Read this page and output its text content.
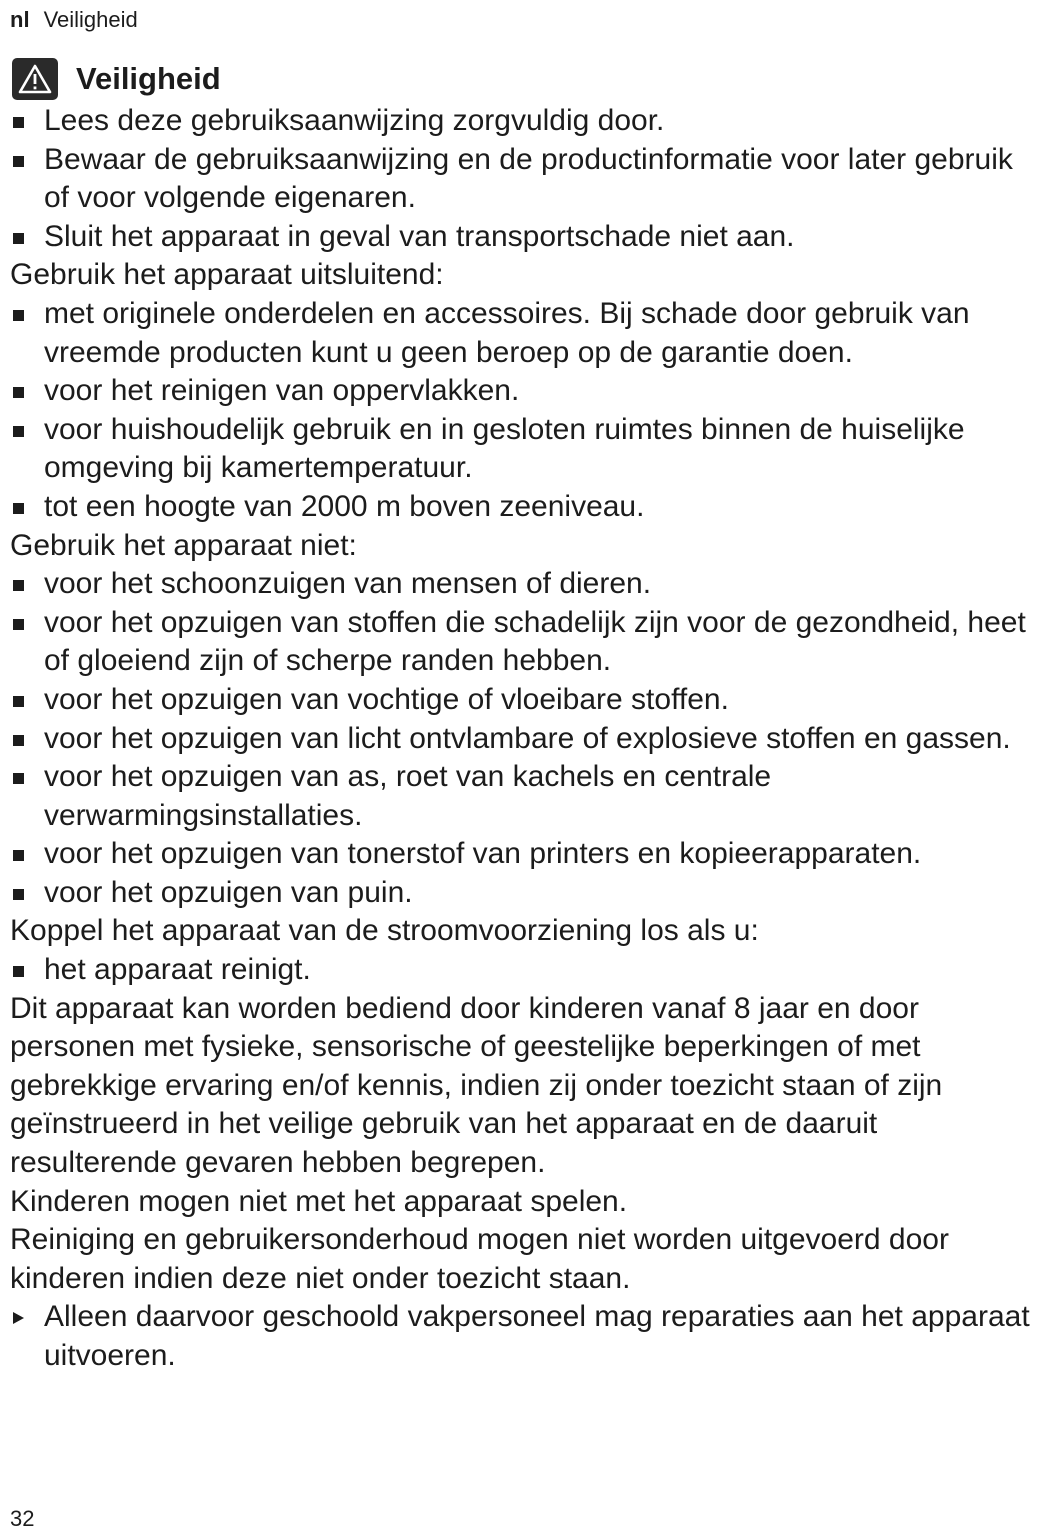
nl Veiligheid
Veiligheid
Lees deze gebruiksaanwijzing zorgvuldig door.
Bewaar de gebruiksaanwijzing en de productinformatie voor later gebruik of voor volgende eigenaren.
Sluit het apparaat in geval van transportschade niet aan.

Gebruik het apparaat uitsluitend:

met originele onderdelen en accessoires. Bij schade door gebruik van vreemde producten kunt u geen beroep op de garantie doen.
voor het reinigen van oppervlakken.
voor huishoudelijk gebruik en in gesloten ruimtes binnen de huiselijke omgeving bij kamertemperatuur.
tot een hoogte van 2000 m boven zeeniveau.

Gebruik het apparaat niet:

voor het schoonzuigen van mensen of dieren.
voor het opzuigen van stoffen die schadelijk zijn voor de gezondheid, heet of gloeiend zijn of scherpe randen hebben.
voor het opzuigen van vochtige of vloeibare stoffen.
voor het opzuigen van licht ontvlambare of explosieve stoffen en gassen.
voor het opzuigen van as, roet van kachels en centrale verwarmingsinstallaties.
voor het opzuigen van tonerstof van printers en kopieerapparaten.
voor het opzuigen van puin.

Koppel het apparaat van de stroomvoorziening los als u:

het apparaat reinigt.

Dit apparaat kan worden bediend door kinderen vanaf 8 jaar en door personen met fysieke, sensorische of geestelijke beperkingen of met gebrekkige ervaring en/of kennis, indien zij onder toezicht staan of zijn geïnstrueerd in het veilige gebruik van het apparaat en de daaruit resulterende gevaren hebben begrepen.

Kinderen mogen niet met het apparaat spelen.

Reiniging en gebruikersonderhoud mogen niet worden uitgevoerd door kinderen indien deze niet onder toezicht staan.

Alleen daarvoor geschoold vakpersoneel mag reparaties aan het apparaat uitvoeren.
32
